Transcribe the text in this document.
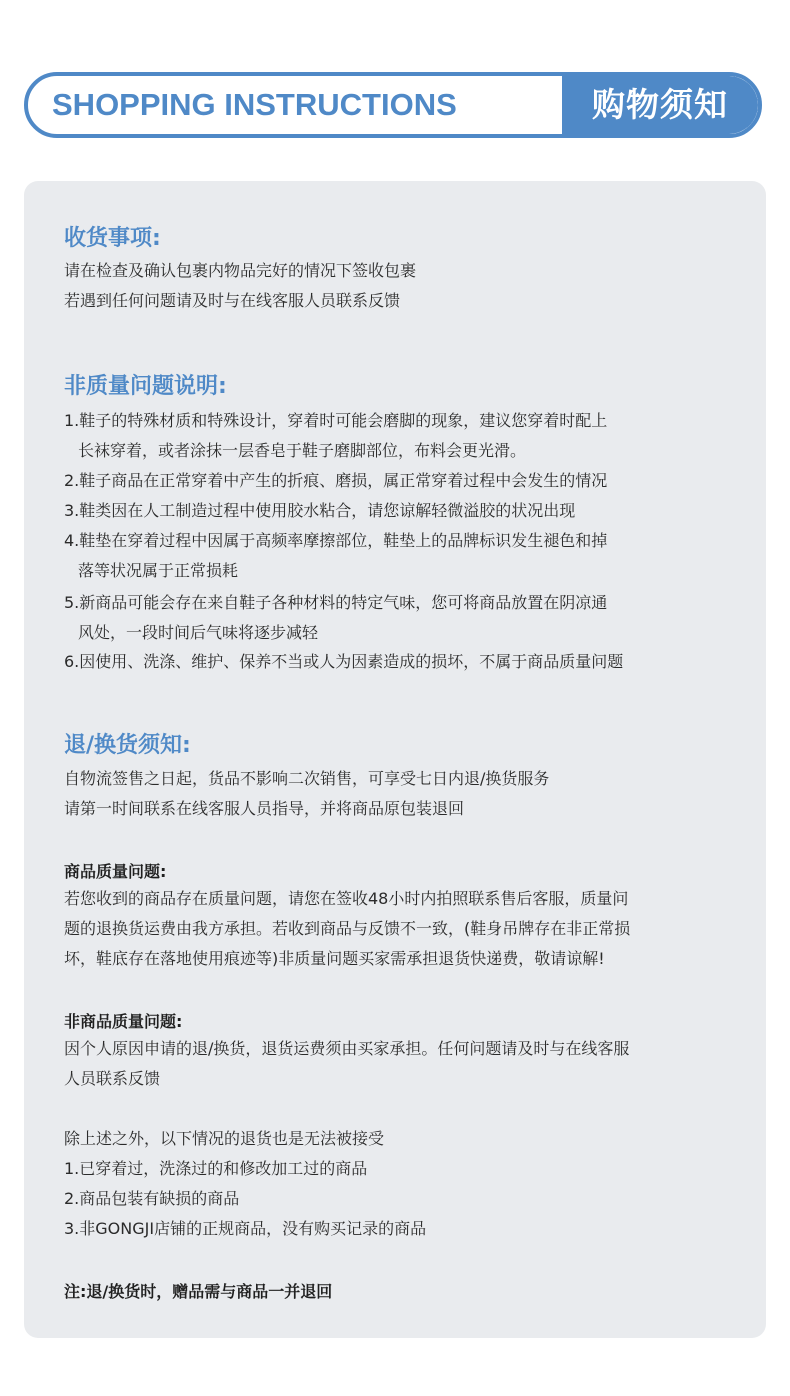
SHOPPING INSTRUCTIONS	购物须知
收货事项:

请在检查及确认包裹内物品完好的情况下签收包裹

若遇到任何问题请及时与在线客服人员联系反馈

非质量问题说明:

1.鞋子的特殊材质和特殊设计，穿着时可能会磨脚的现象，建议您穿着时配上

长袜穿着，或者涂抹一层香皂于鞋子磨脚部位，布料会更光滑。

2.鞋子商品在正常穿着中产生的折痕、磨损，属正常穿着过程中会发生的情况

3.鞋类因在人工制造过程中使用胶水粘合，请您谅解轻微溢胶的状况出现

4.鞋垫在穿着过程中因属于高频率摩擦部位，鞋垫上的品牌标识发生褪色和掉

落等状况属于正常损耗

5.新商品可能会存在来自鞋子各种材料的特定气味，您可将商品放置在阴凉通

风处，一段时间后气味将逐步减轻

6.因使用、洗涤、维护、保养不当或人为因素造成的损坏，不属于商品质量问题

退/换货须知:

自物流签售之日起，货品不影响二次销售，可享受七日内退/换货服务

请第一时间联系在线客服人员指导，并将商品原包装退回

商品质量问题:

若您收到的商品存在质量问题，请您在签收48小时内拍照联系售后客服，质量问

题的退换货运费由我方承担。若收到商品与反馈不一致，(鞋身吊牌存在非正常损

坏，鞋底存在落地使用痕迹等)非质量问题买家需承担退货快递费，敬请谅解!

非商品质量问题:

因个人原因申请的退/换货，退货运费须由买家承担。任何问题请及时与在线客服

人员联系反馈

除上述之外，以下情况的退货也是无法被接受

1.已穿着过，洗涤过的和修改加工过的商品

2.商品包装有缺损的商品

3.非GONGJI店铺的正规商品，没有购买记录的商品

注:退/换货时，赠品需与商品一并退回
